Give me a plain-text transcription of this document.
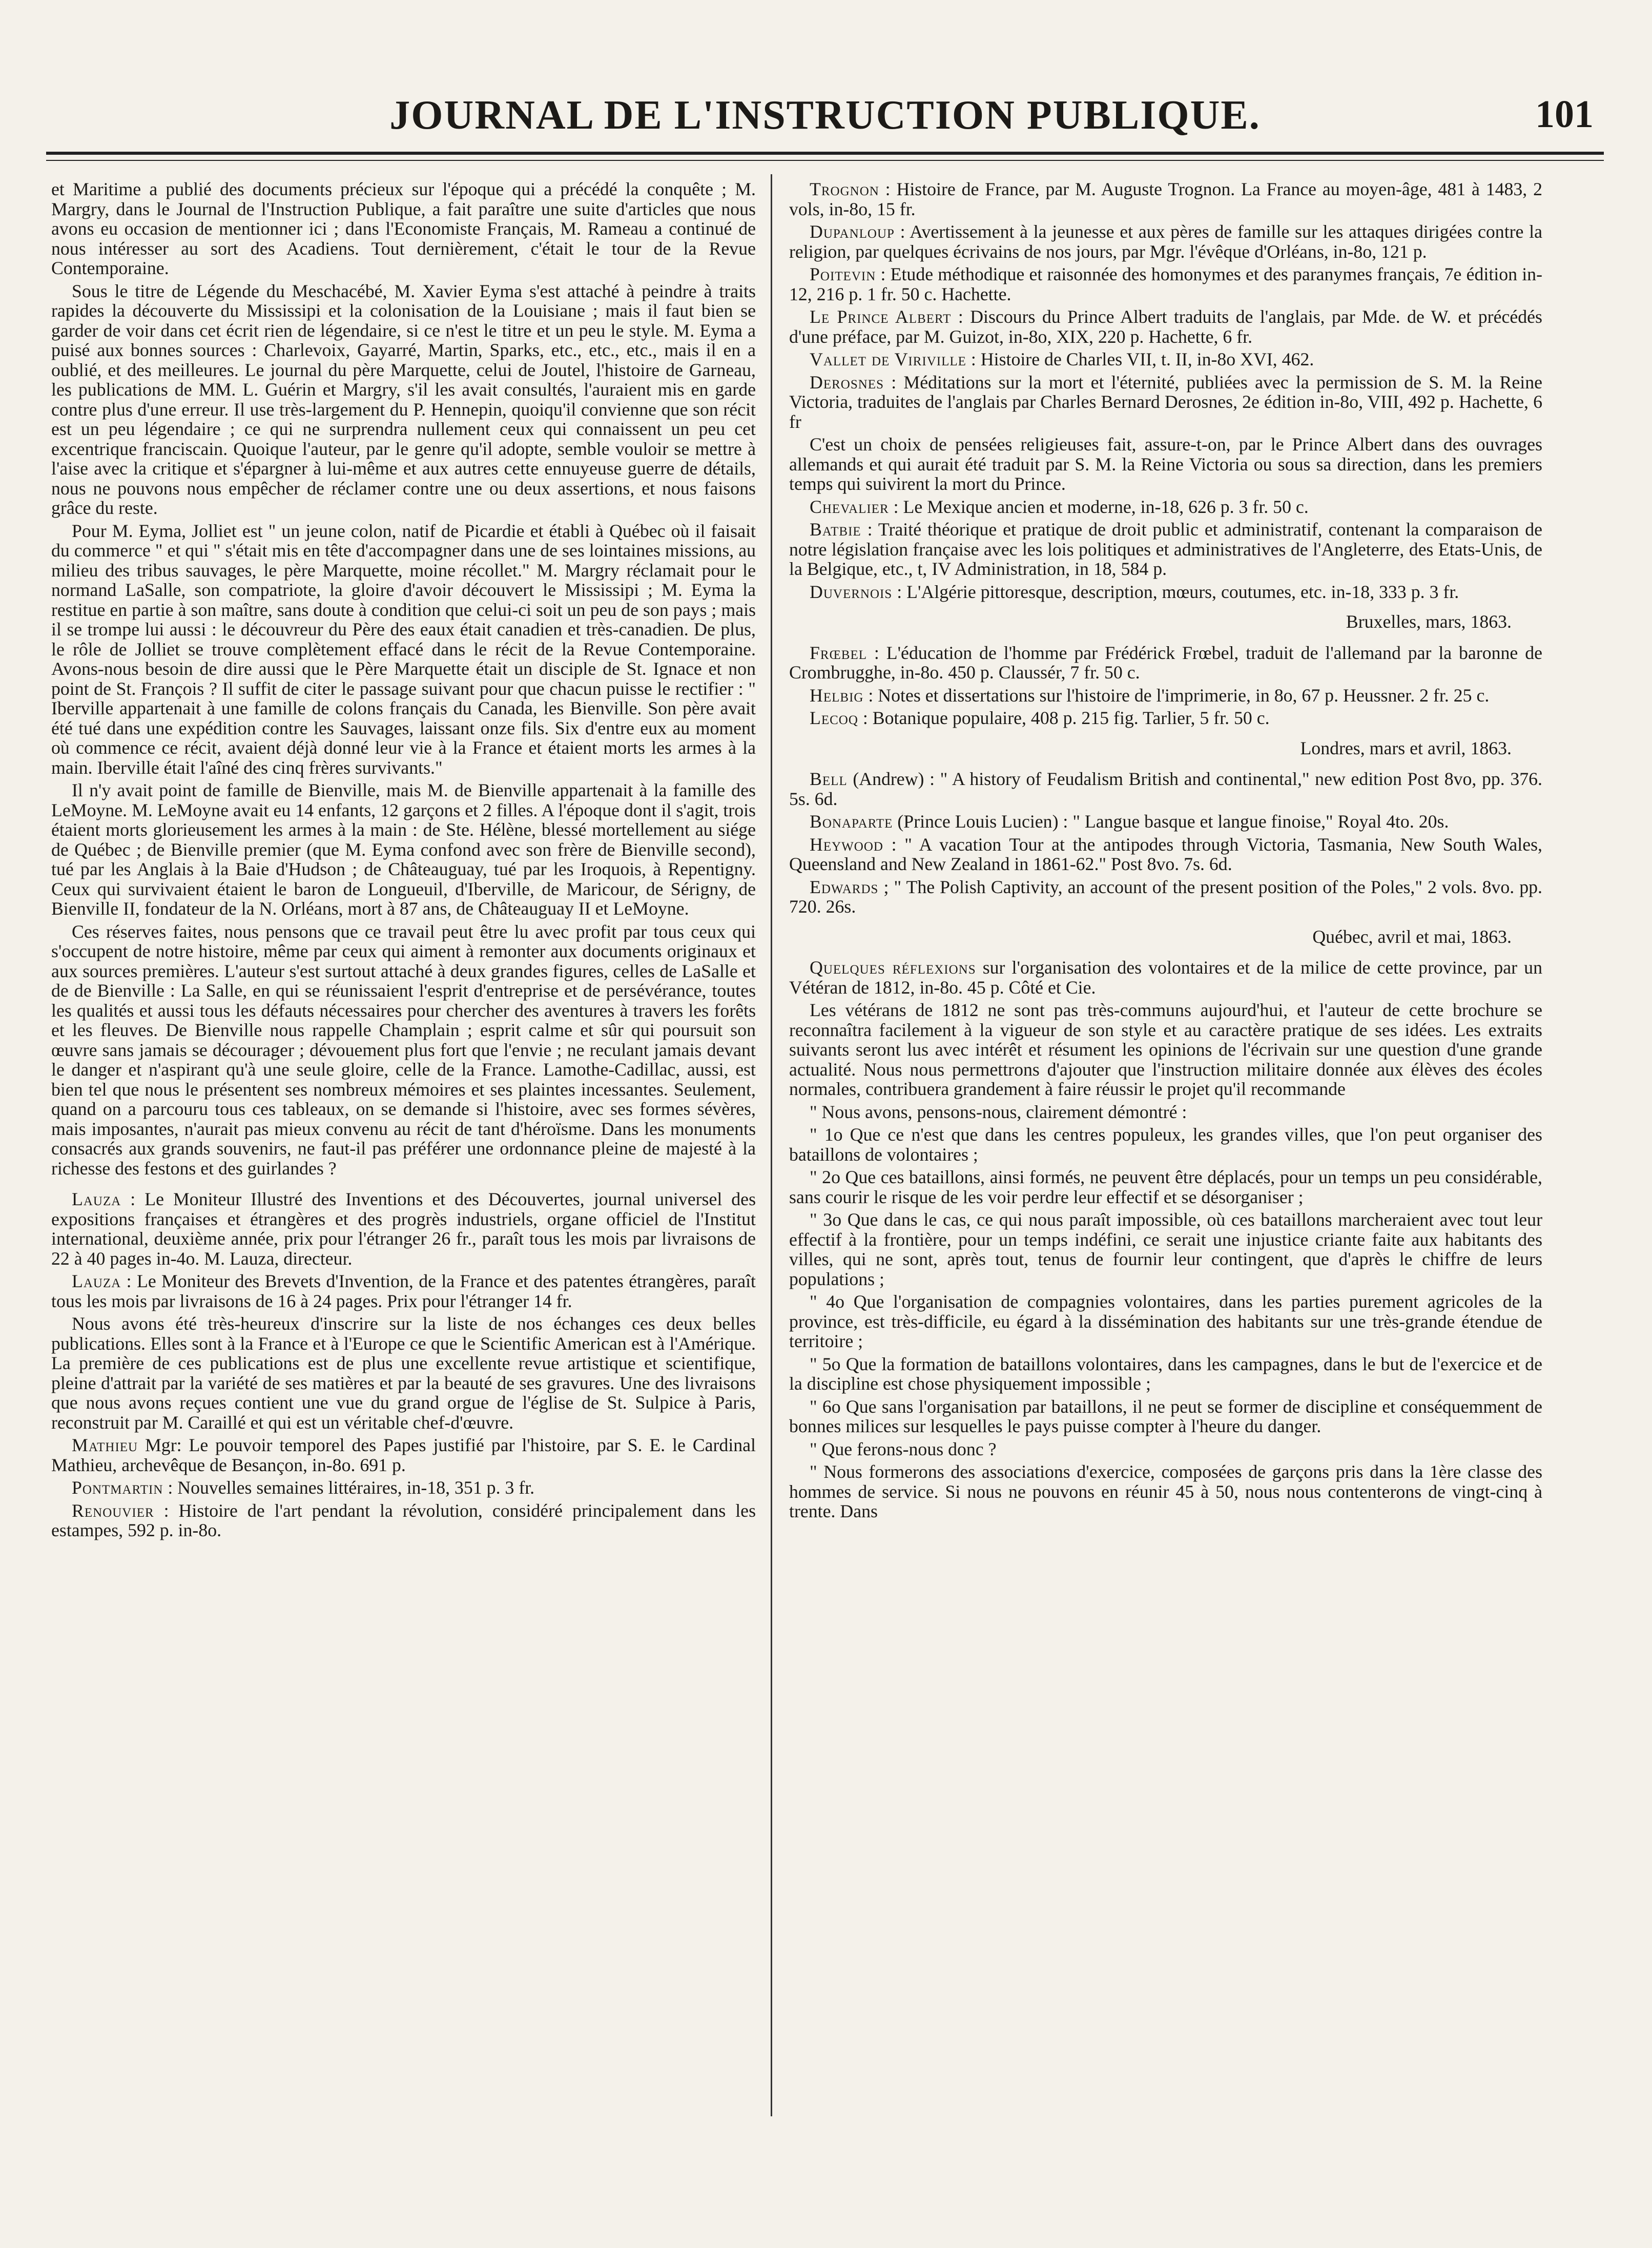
JOURNAL DE L'INSTRUCTION PUBLIQUE.	101

et Maritime a publié des documents précieux sur l'époque qui a précédé la conquête ; M. Margry, dans le Journal de l'Instruction Publique, a fait paraître une suite d'articles que nous avons eu occasion de mentionner ici ; dans l'Economiste Français, M. Rameau a continué de nous intéresser au sort des Acadiens. Tout dernièrement, c'était le tour de la Revue Contemporaine.

Sous le titre de Légende du Meschacébé, M. Xavier Eyma s'est attaché à peindre à traits rapides la découverte du Mississipi et la colonisation de la Louisiane ; mais il faut bien se garder de voir dans cet écrit rien de légendaire, si ce n'est le titre et un peu le style. M. Eyma a puisé aux bonnes sources : Charlevoix, Gayarré, Martin, Sparks, etc., etc., etc., mais il en a oublié, et des meilleures. Le journal du père Marquette, celui de Joutel, l'histoire de Garneau, les publications de MM. L. Guérin et Margry, s'il les avait consultés, l'auraient mis en garde contre plus d'une erreur. Il use très-largement du P. Hennepin, quoiqu'il convienne que son récit est un peu légendaire ; ce qui ne surprendra nullement ceux qui connaissent un peu cet excentrique franciscain. Quoique l'auteur, par le genre qu'il adopte, semble vouloir se mettre à l'aise avec la critique et s'épargner à lui-même et aux autres cette ennuyeuse guerre de détails, nous ne pouvons nous empêcher de réclamer contre une ou deux assertions, et nous faisons grâce du reste.

Pour M. Eyma, Jolliet est " un jeune colon, natif de Picardie et établi à Québec où il faisait du commerce " et qui " s'était mis en tête d'accompagner dans une de ses lointaines missions, au milieu des tribus sauvages, le père Marquette, moine récollet." M. Margry réclamait pour le normand LaSalle, son compatriote, la gloire d'avoir découvert le Mississipi ; M. Eyma la restitue en partie à son maître, sans doute à condition que celui-ci soit un peu de son pays ; mais il se trompe lui aussi : le découvreur du Père des eaux était canadien et très-canadien. De plus, le rôle de Jolliet se trouve complètement effacé dans le récit de la Revue Contemporaine. Avons-nous besoin de dire aussi que le Père Marquette était un disciple de St. Ignace et non point de St. François ? Il suffit de citer le passage suivant pour que chacun puisse le rectifier : " Iberville appartenait à une famille de colons français du Canada, les Bienville. Son père avait été tué dans une expédition contre les Sauvages, laissant onze fils. Six d'entre eux au moment où commence ce récit, avaient déjà donné leur vie à la France et étaient morts les armes à la main. Iberville était l'aîné des cinq frères survivants."

Il n'y avait point de famille de Bienville, mais M. de Bienville appartenait à la famille des LeMoyne. M. LeMoyne avait eu 14 enfants, 12 garçons et 2 filles. A l'époque dont il s'agit, trois étaient morts glorieusement les armes à la main : de Ste. Hélène, blessé mortellement au siége de Québec ; de Bienville premier (que M. Eyma confond avec son frère de Bienville second), tué par les Anglais à la Baie d'Hudson ; de Châteauguay, tué par les Iroquois, à Repentigny. Ceux qui survivaient étaient le baron de Longueuil, d'Iberville, de Maricour, de Sérigny, de Bienville II, fondateur de la N. Orléans, mort à 87 ans, de Châteauguay II et LeMoyne.

Ces réserves faites, nous pensons que ce travail peut être lu avec profit par tous ceux qui s'occupent de notre histoire, même par ceux qui aiment à remonter aux documents originaux et aux sources premières. L'auteur s'est surtout attaché à deux grandes figures, celles de LaSalle et de de Bienville : La Salle, en qui se réunissaient l'esprit d'entreprise et de persévérance, toutes les qualités et aussi tous les défauts nécessaires pour chercher des aventures à travers les forêts et les fleuves. De Bienville nous rappelle Champlain ; esprit calme et sûr qui poursuit son œuvre sans jamais se décourager ; dévouement plus fort que l'envie ; ne reculant jamais devant le danger et n'aspirant qu'à une seule gloire, celle de la France. Lamothe-Cadillac, aussi, est bien tel que nous le présentent ses nombreux mémoires et ses plaintes incessantes. Seulement, quand on a parcouru tous ces tableaux, on se demande si l'histoire, avec ses formes sévères, mais imposantes, n'aurait pas mieux convenu au récit de tant d'héroïsme. Dans les monuments consacrés aux grands souvenirs, ne faut-il pas préférer une ordonnance pleine de majesté à la richesse des festons et des guirlandes ?

Lauza : Le Moniteur Illustré des Inventions et des Découvertes, journal universel des expositions françaises et étrangères et des progrès industriels, organe officiel de l'Institut international, deuxième année, prix pour l'étranger 26 fr., paraît tous les mois par livraisons de 22 à 40 pages in-4o. M. Lauza, directeur.

Lauza : Le Moniteur des Brevets d'Invention, de la France et des patentes étrangères, paraît tous les mois par livraisons de 16 à 24 pages. Prix pour l'étranger 14 fr.

Nous avons été très-heureux d'inscrire sur la liste de nos échanges ces deux belles publications. Elles sont à la France et à l'Europe ce que le Scientific American est à l'Amérique. La première de ces publications est de plus une excellente revue artistique et scientifique, pleine d'attrait par la variété de ses matières et par la beauté de ses gravures. Une des livraisons que nous avons reçues contient une vue du grand orgue de l'église de St. Sulpice à Paris, reconstruit par M. Caraillé et qui est un véritable chef-d'œuvre.

Mathieu Mgr: Le pouvoir temporel des Papes justifié par l'histoire, par S. E. le Cardinal Mathieu, archevêque de Besançon, in-8o. 691 p.

Pontmartin : Nouvelles semaines littéraires, in-18, 351 p. 3 fr.

Renouvier : Histoire de l'art pendant la révolution, considéré principalement dans les estampes, 592 p. in-8o.

Trognon : Histoire de France, par M. Auguste Trognon. La France au moyen-âge, 481 à 1483, 2 vols, in-8o, 15 fr.

Dupanloup : Avertissement à la jeunesse et aux pères de famille sur les attaques dirigées contre la religion, par quelques écrivains de nos jours, par Mgr. l'évêque d'Orléans, in-8o, 121 p.

Poitevin : Etude méthodique et raisonnée des homonymes et des paranymes français, 7e édition in-12, 216 p. 1 fr. 50 c. Hachette.

Le Prince Albert : Discours du Prince Albert traduits de l'anglais, par Mde. de W. et précédés d'une préface, par M. Guizot, in-8o, XIX, 220 p. Hachette, 6 fr.

Vallet de Viriville : Histoire de Charles VII, t. II, in-8o XVI, 462.

Derosnes : Méditations sur la mort et l'éternité, publiées avec la permission de S. M. la Reine Victoria, traduites de l'anglais par Charles Bernard Derosnes, 2e édition in-8o, VIII, 492 p. Hachette, 6 fr

C'est un choix de pensées religieuses fait, assure-t-on, par le Prince Albert dans des ouvrages allemands et qui aurait été traduit par S. M. la Reine Victoria ou sous sa direction, dans les premiers temps qui suivirent la mort du Prince.

Chevalier : Le Mexique ancien et moderne, in-18, 626 p. 3 fr. 50 c.

Batbie : Traité théorique et pratique de droit public et administratif, contenant la comparaison de notre législation française avec les lois politiques et administratives de l'Angleterre, des Etats-Unis, de la Belgique, etc., t, IV Administration, in 18, 584 p.

Duvernois : L'Algérie pittoresque, description, mœurs, coutumes, etc. in-18, 333 p. 3 fr.

Bruxelles, mars, 1863.

Frœbel : L'éducation de l'homme par Frédérick Frœbel, traduit de l'allemand par la baronne de Crombrugghe, in-8o. 450 p. Claussér, 7 fr. 50 c.

Helbig : Notes et dissertations sur l'histoire de l'imprimerie, in 8o, 67 p. Heussner. 2 fr. 25 c.

Lecoq : Botanique populaire, 408 p. 215 fig. Tarlier, 5 fr. 50 c.

Londres, mars et avril, 1863.

Bell (Andrew) : " A history of Feudalism British and continental," new edition Post 8vo, pp. 376. 5s. 6d.

Bonaparte (Prince Louis Lucien) : " Langue basque et langue finoise," Royal 4to. 20s.

Heywood : " A vacation Tour at the antipodes through Victoria, Tasmania, New South Wales, Queensland and New Zealand in 1861-62." Post 8vo. 7s. 6d.

Edwards ; " The Polish Captivity, an account of the present position of the Poles," 2 vols. 8vo. pp. 720. 26s.

Québec, avril et mai, 1863.

Quelques réflexions sur l'organisation des volontaires et de la milice de cette province, par un Vétéran de 1812, in-8o. 45 p. Côté et Cie.

Les vétérans de 1812 ne sont pas très-communs aujourd'hui, et l'auteur de cette brochure se reconnaîtra facilement à la vigueur de son style et au caractère pratique de ses idées. Les extraits suivants seront lus avec intérêt et résument les opinions de l'écrivain sur une question d'une grande actualité. Nous nous permettrons d'ajouter que l'instruction militaire donnée aux élèves des écoles normales, contribuera grandement à faire réussir le projet qu'il recommande

" Nous avons, pensons-nous, clairement démontré :

" 1o Que ce n'est que dans les centres populeux, les grandes villes, que l'on peut organiser des bataillons de volontaires ;

" 2o Que ces bataillons, ainsi formés, ne peuvent être déplacés, pour un temps un peu considérable, sans courir le risque de les voir perdre leur effectif et se désorganiser ;

" 3o Que dans le cas, ce qui nous paraît impossible, où ces bataillons marcheraient avec tout leur effectif à la frontière, pour un temps indéfini, ce serait une injustice criante faite aux habitants des villes, qui ne sont, après tout, tenus de fournir leur contingent, que d'après le chiffre de leurs populations ;

" 4o Que l'organisation de compagnies volontaires, dans les parties purement agricoles de la province, est très-difficile, eu égard à la dissémination des habitants sur une très-grande étendue de territoire ;

" 5o Que la formation de bataillons volontaires, dans les campagnes, dans le but de l'exercice et de la discipline est chose physiquement impossible ;

" 6o Que sans l'organisation par bataillons, il ne peut se former de discipline et conséquemment de bonnes milices sur lesquelles le pays puisse compter à l'heure du danger.

" Que ferons-nous donc ?

" Nous formerons des associations d'exercice, composées de garçons pris dans la 1ère classe des hommes de service. Si nous ne pouvons en réunir 45 à 50, nous nous contenterons de vingt-cinq à trente. Dans
